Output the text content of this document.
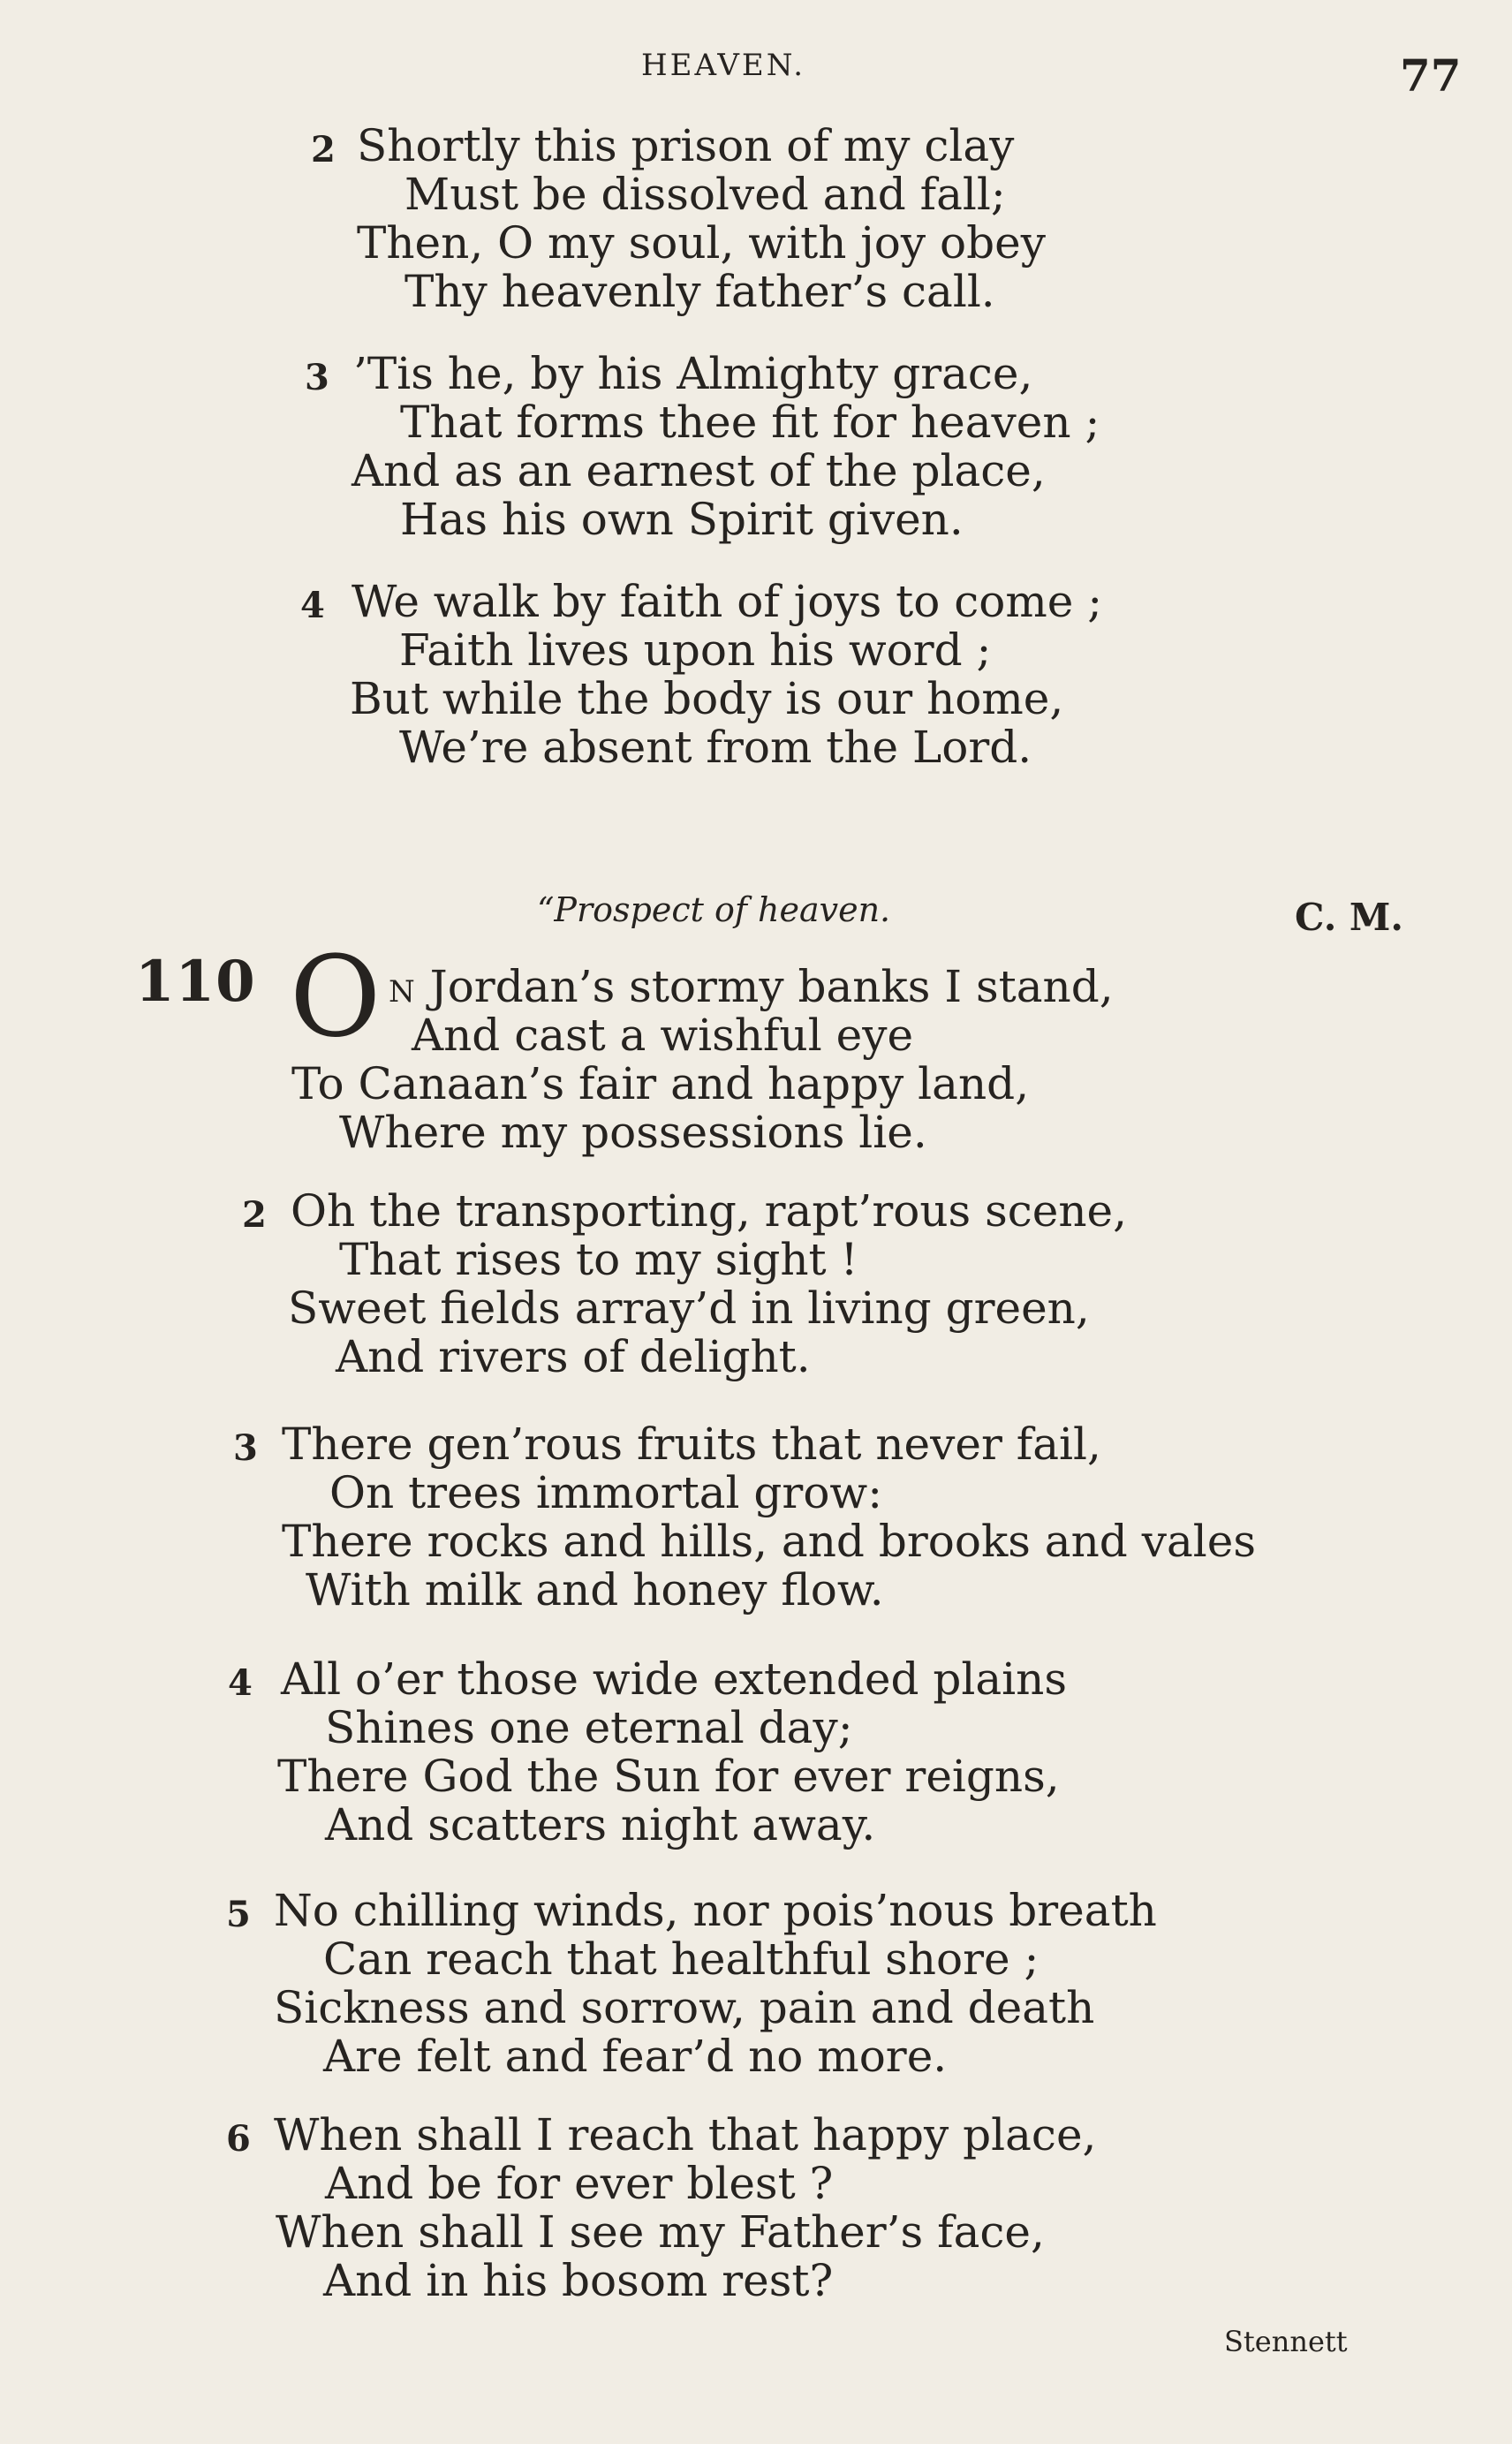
HEAVEN.	77
2 Shortly this prison of my clay
Must be dissolved and fall;
Then, O my soul, with joy obey
Thy heavenly father’s call.
3 ’Tis he, by his Almighty grace,
That forms thee fit for heaven ;
And as an earnest of the place,
Has his own Spirit given.
4 We walk by faith of joys to come ;
Faith lives upon his word ;
But while the body is our home,
We’re absent from the Lord.
“Prospect of heaven.	C. M.
110 O N Jordan’s stormy banks I stand,
And cast a wishful eye
To Canaan’s fair and happy land,
Where my possessions lie.
2 Oh the transporting, rapt’rous scene,
That rises to my sight !
Sweet fields array’d in living green,
And rivers of delight.
3 There gen’rous fruits that never fail,
On trees immortal grow:
There rocks and hills, and brooks and vales
With milk and honey flow.
4 All o’er those wide extended plains
Shines one eternal day;
There God the Sun for ever reigns,
And scatters night away.
5 No chilling winds, nor pois’nous breath
Can reach that healthful shore ;
Sickness and sorrow, pain and death
Are felt and fear’d no more.
6 When shall I reach that happy place,
And be for ever blest ?
When shall I see my Father’s face,
And in his bosom rest?
Stennett
